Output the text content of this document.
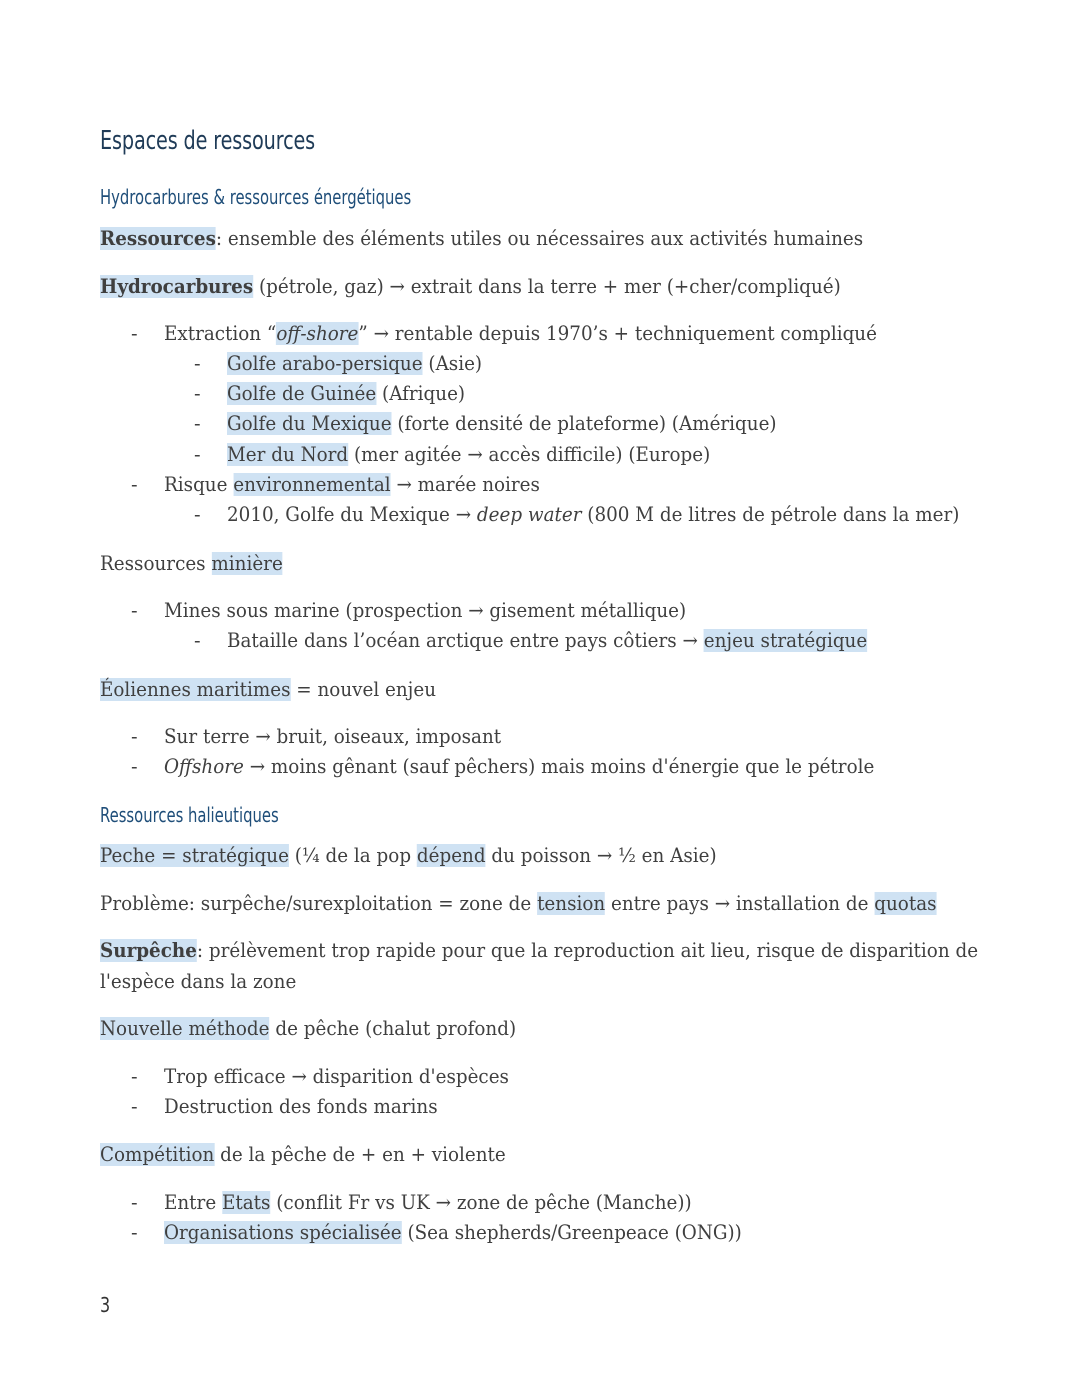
Espaces de ressources
Hydrocarbures & ressources énergétiques
Ressources: ensemble des éléments utiles ou nécessaires aux activités humaines
Hydrocarbures (pétrole, gaz) → extrait dans la terre + mer (+cher/compliqué)
- Extraction “off-shore” → rentable depuis 1970’s + techniquement compliqué
- Golfe arabo-persique (Asie)
- Golfe de Guinée (Afrique)
- Golfe du Mexique (forte densité de plateforme) (Amérique)
- Mer du Nord (mer agitée → accès difficile) (Europe)
- Risque environnemental → marée noires
- 2010, Golfe du Mexique → deep water (800 M de litres de pétrole dans la mer)
Ressources minière
- Mines sous marine (prospection → gisement métallique)
- Bataille dans l’océan arctique entre pays côtiers → enjeu stratégique
Éoliennes maritimes = nouvel enjeu
- Sur terre → bruit, oiseaux, imposant
- Offshore → moins gênant (sauf pêchers) mais moins d'énergie que le pétrole
Ressources halieutiques
Peche = stratégique (¼ de la pop dépend du poisson → ½ en Asie)
Problème: surpêche/surexploitation = zone de tension entre pays → installation de quotas
Surpêche: prélèvement trop rapide pour que la reproduction ait lieu, risque de disparition de
l'espèce dans la zone
Nouvelle méthode de pêche (chalut profond)
- Trop efficace → disparition d'espèces
- Destruction des fonds marins
Compétition de la pêche de + en + violente
- Entre Etats (conflit Fr vs UK → zone de pêche (Manche))
- Organisations spécialisée (Sea shepherds/Greenpeace (ONG))
3
